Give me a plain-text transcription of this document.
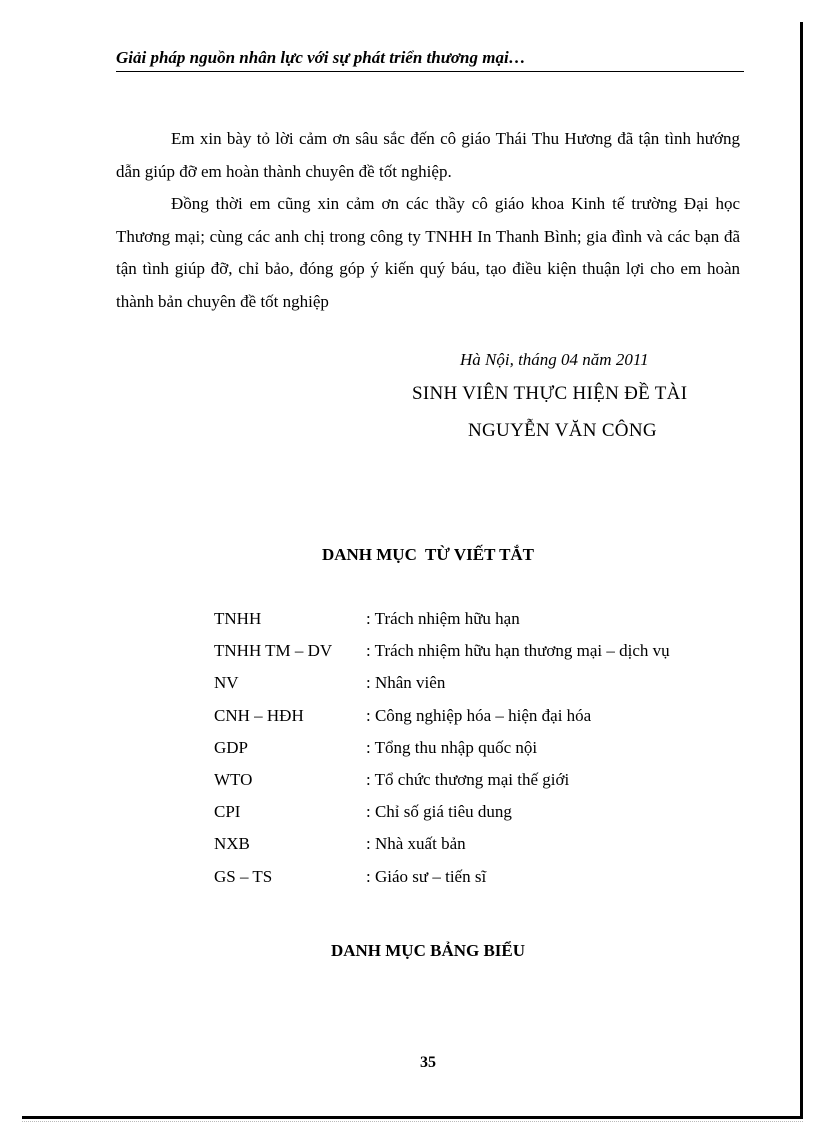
Giải pháp nguồn nhân lực với sự phát triển thương mại…

Em xin bày tỏ lời cảm ơn sâu sắc đến cô giáo Thái Thu Hương đã tận tình hướng dẫn giúp đỡ em hoàn thành chuyên đề tốt nghiệp.

Đồng thời em cũng xin cảm ơn các thầy cô giáo khoa Kinh tế trường Đại học Thương mại; cùng các anh chị trong công ty TNHH In Thanh Bình; gia đình và các bạn đã tận tình giúp đỡ, chỉ bảo, đóng góp ý kiến quý báu, tạo điều kiện thuận lợi cho em hoàn thành bản chuyên đề tốt nghiệp

Hà Nội, tháng 04 năm 2011
SINH VIÊN THỰC HIỆN ĐỀ TÀI
NGUYỄN VĂN CÔNG
DANH MỤC  TỪ VIẾT TẮT
TNHH	: Trách nhiệm hữu hạn
TNHH TM – DV	: Trách nhiệm hữu hạn thương mại – dịch vụ
NV	: Nhân viên
CNH – HĐH	: Công nghiệp hóa – hiện đại hóa
GDP	: Tổng thu nhập quốc nội
WTO	: Tổ chức thương mại thế giới
CPI	: Chỉ số giá tiêu dung
NXB	: Nhà xuất bản
GS – TS	: Giáo sư – tiến sĩ
DANH MỤC BẢNG BIỂU
35
